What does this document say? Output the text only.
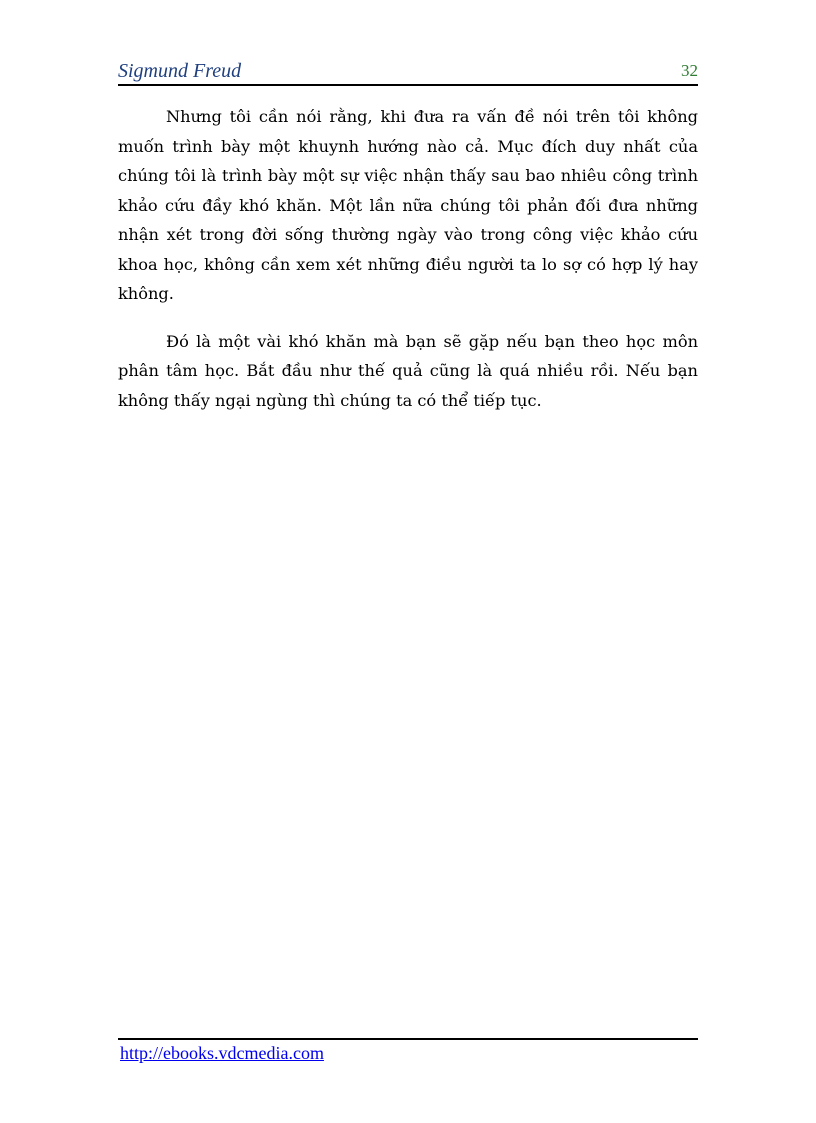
Sigmund Freud	32

Nhưng tôi cần nói rằng, khi đưa ra vấn đề nói trên tôi không muốn trình bày một khuynh hướng nào cả. Mục đích duy nhất của chúng tôi là trình bày một sự việc nhận thấy sau bao nhiêu công trình khảo cứu đầy khó khăn. Một lần nữa chúng tôi phản đối đưa những nhận xét trong đời sống thường ngày vào trong công việc khảo cứu khoa học, không cần xem xét những điều người ta lo sợ có hợp lý hay không.

Đó là một vài khó khăn mà bạn sẽ gặp nếu bạn theo học môn phân tâm học. Bắt đầu như thế quả cũng là quá nhiều rồi. Nếu bạn không thấy ngại ngùng thì chúng ta có thể tiếp tục.

http://ebooks.vdcmedia.com
